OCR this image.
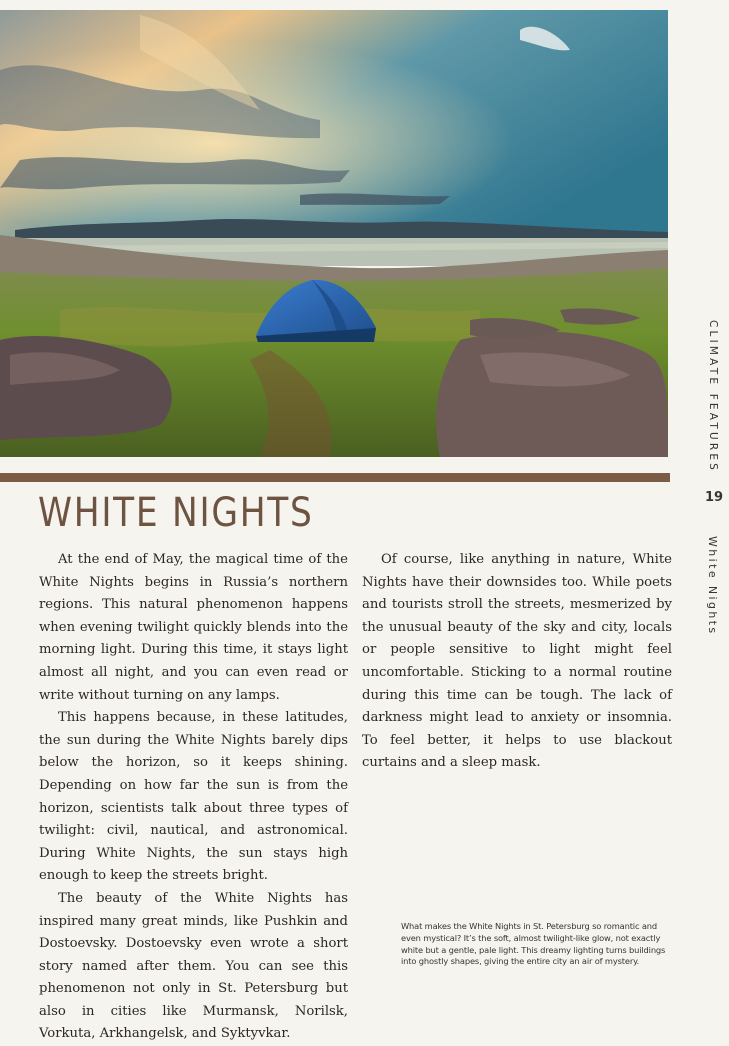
CLIMATE FEATURES
19
White Nights
WHITE NIGHTS

At the end of May, the magical time of the White Nights begins in Russia’s northern regions. This natural phenomenon happens when evening twilight quickly blends into the morning light. During this time, it stays light almost all night, and you can even read or write without turning on any lamps.

This happens because, in these latitudes, the sun during the White Nights barely dips below the horizon, so it keeps shining. Depending on how far the sun is from the horizon, scientists talk about three types of twilight: civil, nautical, and astronomical. During White Nights, the sun stays high enough to keep the streets bright.

The beauty of the White Nights has inspired many great minds, like Pushkin and Dostoevsky. Dostoevsky even wrote a short story named after them. You can see this phenomenon not only in St. Petersburg but also in cities like Murmansk, Norilsk, Vorkuta, Arkhangelsk, and Syktyvkar.

Of course, like anything in nature, White Nights have their downsides too. While poets and tourists stroll the streets, mesmerized by the unusual beauty of the sky and city, locals or people sensitive to light might feel uncomfortable. Sticking to a normal routine during this time can be tough. The lack of darkness might lead to anxiety or insomnia. To feel better, it helps to use blackout curtains and a sleep mask.

What makes the White Nights in St. Petersburg so romantic and even mystical? It’s the soft, almost twilight-like glow, not exactly white but a gentle, pale light. This dreamy lighting turns buildings into ghostly shapes, giving the entire city an air of mystery.
